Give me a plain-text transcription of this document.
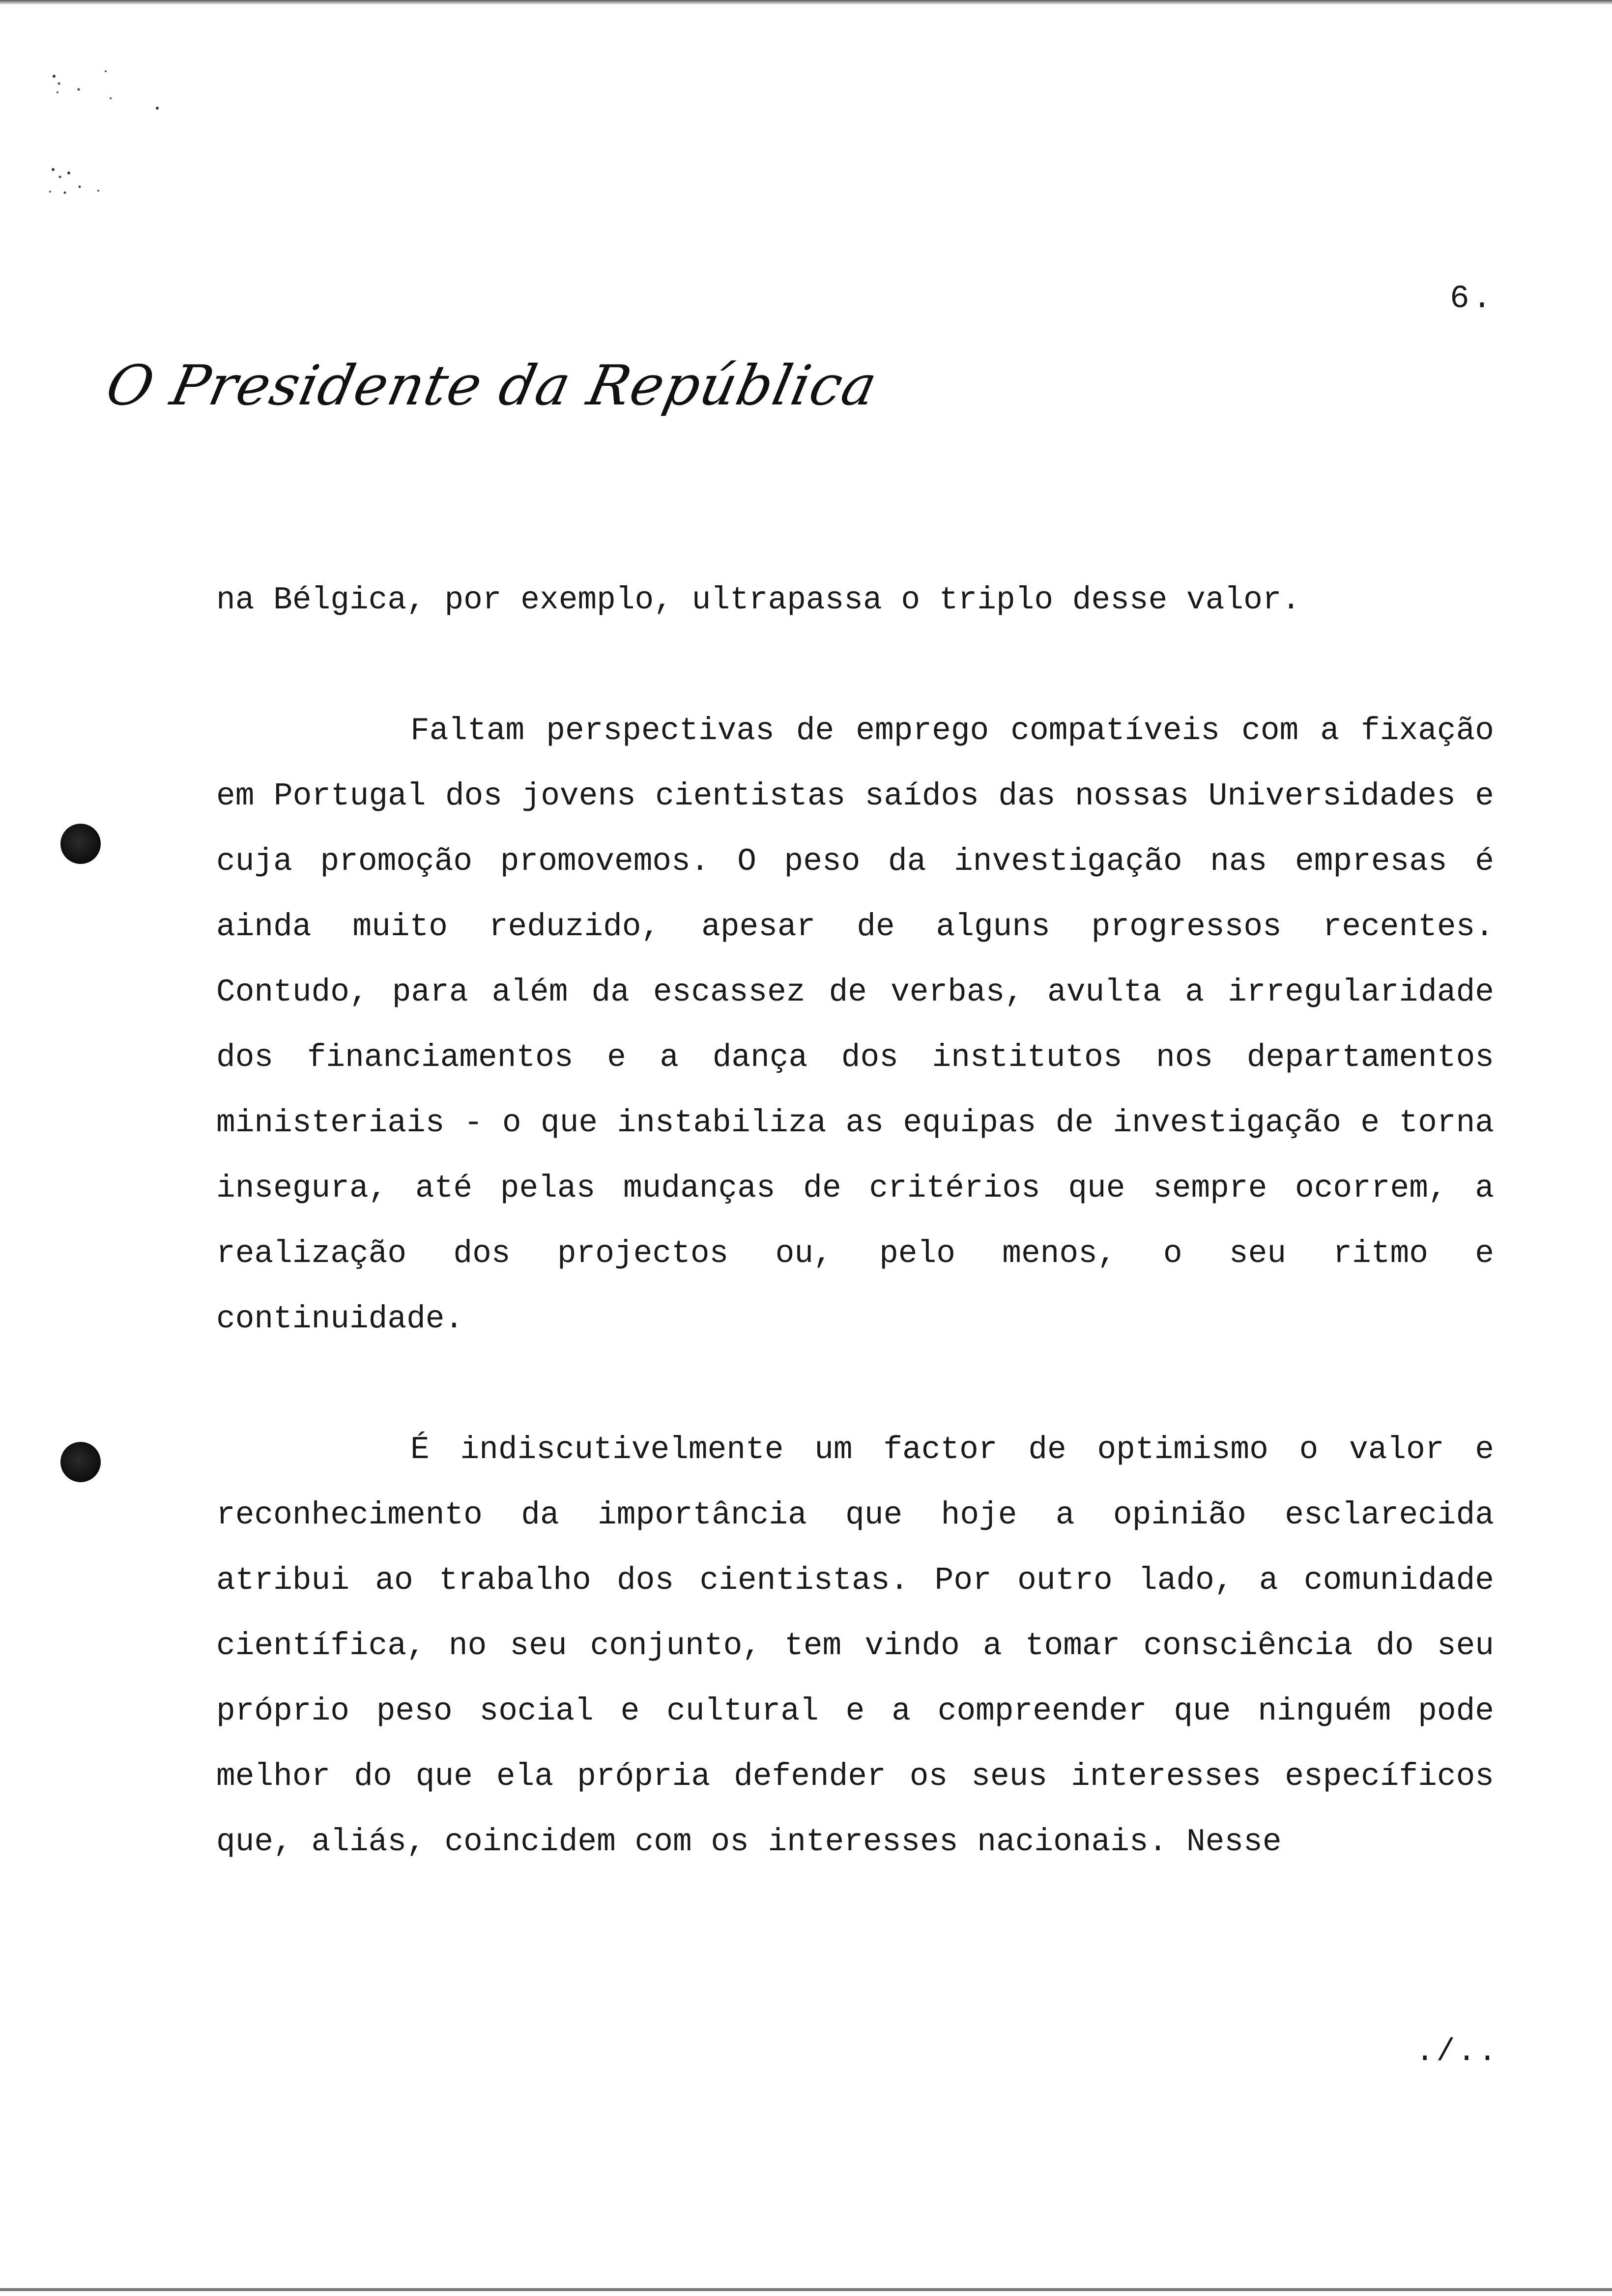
6.
O Presidente da República

na Bélgica, por exemplo, ultrapassa o triplo desse valor.

Faltam perspectivas de emprego compatíveis com a fixação em Portugal dos jovens cientistas saídos das nossas Universidades e cuja promoção promovemos. O peso da investigação nas empresas é ainda muito reduzido, apesar de alguns progressos recentes. Contudo, para além da escassez de verbas, avulta a irregularidade dos financiamentos e a dança dos institutos nos departamentos ministeriais - o que instabiliza as equipas de investigação e torna insegura, até pelas mudanças de critérios que sempre ocorrem, a realização dos projectos ou, pelo menos, o seu ritmo e continuidade.

É indiscutivelmente um factor de optimismo o valor e reconhecimento da importância que hoje a opinião esclarecida atribui ao trabalho dos cientistas. Por outro lado, a comunidade científica, no seu conjunto, tem vindo a tomar consciência do seu próprio peso social e cultural e a compreender que ninguém pode melhor do que ela própria defender os seus interesses específicos que, aliás, coincidem com os interesses nacionais. Nesse

./..
